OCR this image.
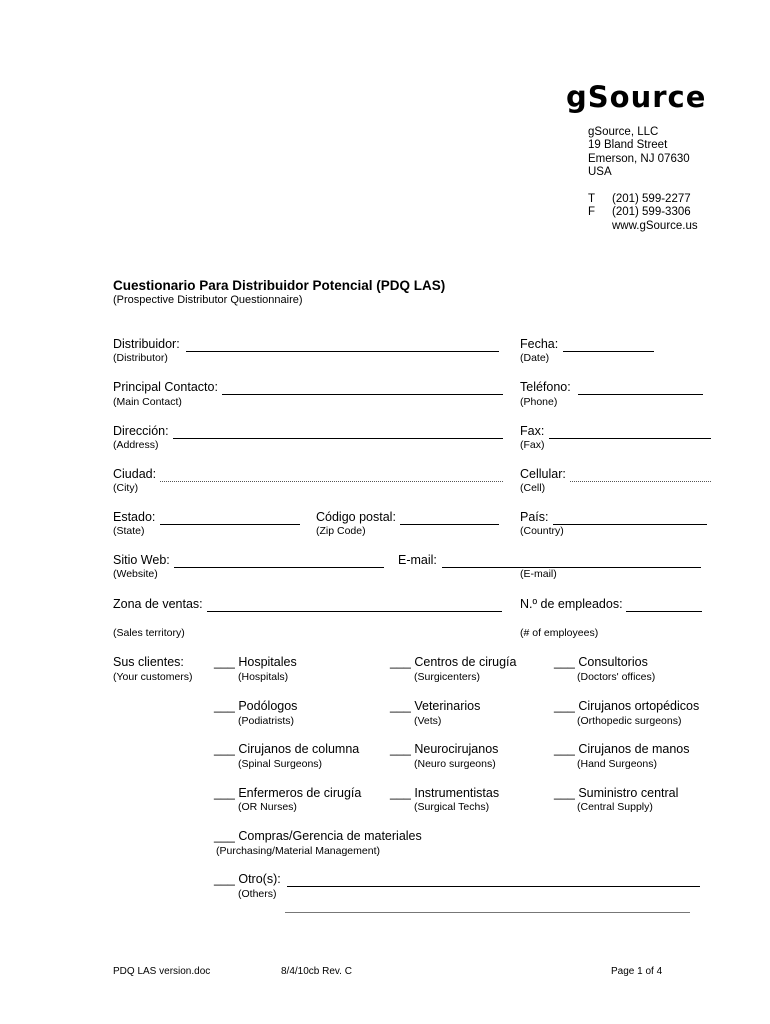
gSource
gSource, LLC
19 Bland Street
Emerson, NJ 07630
USA
T
F
(201) 599-2277
(201) 599-3306
www.gSource.us
Cuestionario Para Distribuidor Potencial (PDQ LAS)
(Prospective Distributor Questionnaire)
Distribuidor:
(Distributor)
Fecha:
(Date)
Principal Contacto:
(Main Contact)
Teléfono:
(Phone)
Dirección:
(Address)
Fax:
(Fax)
Ciudad:
(City)
Cellular:
(Cell)
Estado:
(State)
Código postal:
(Zip Code)
País:
(Country)
Sitio Web:
(Website)
E-mail:
(E-mail)
Zona de ventas:
(Sales territory)
N.º de empleados:
(# of employees)
Sus clientes:
(Your customers)
___ Hospitales
(Hospitals)
___ Centros de cirugía
(Surgicenters)
___ Consultorios
(Doctors' offices)
___ Podólogos
(Podiatrists)
___ Veterinarios
(Vets)
___ Cirujanos ortopédicos
(Orthopedic surgeons)
___ Cirujanos de columna
(Spinal Surgeons)
___ Neurocirujanos
(Neuro surgeons)
___ Cirujanos de manos
(Hand Surgeons)
___ Enfermeros de cirugía
(OR Nurses)
___ Instrumentistas
(Surgical Techs)
___ Suministro central
(Central Supply)
___ Compras/Gerencia de materiales
(Purchasing/Material Management)
___ Otro(s):
(Others)
PDQ LAS version.doc	8/4/10cb Rev. C	Page 1 of 4
